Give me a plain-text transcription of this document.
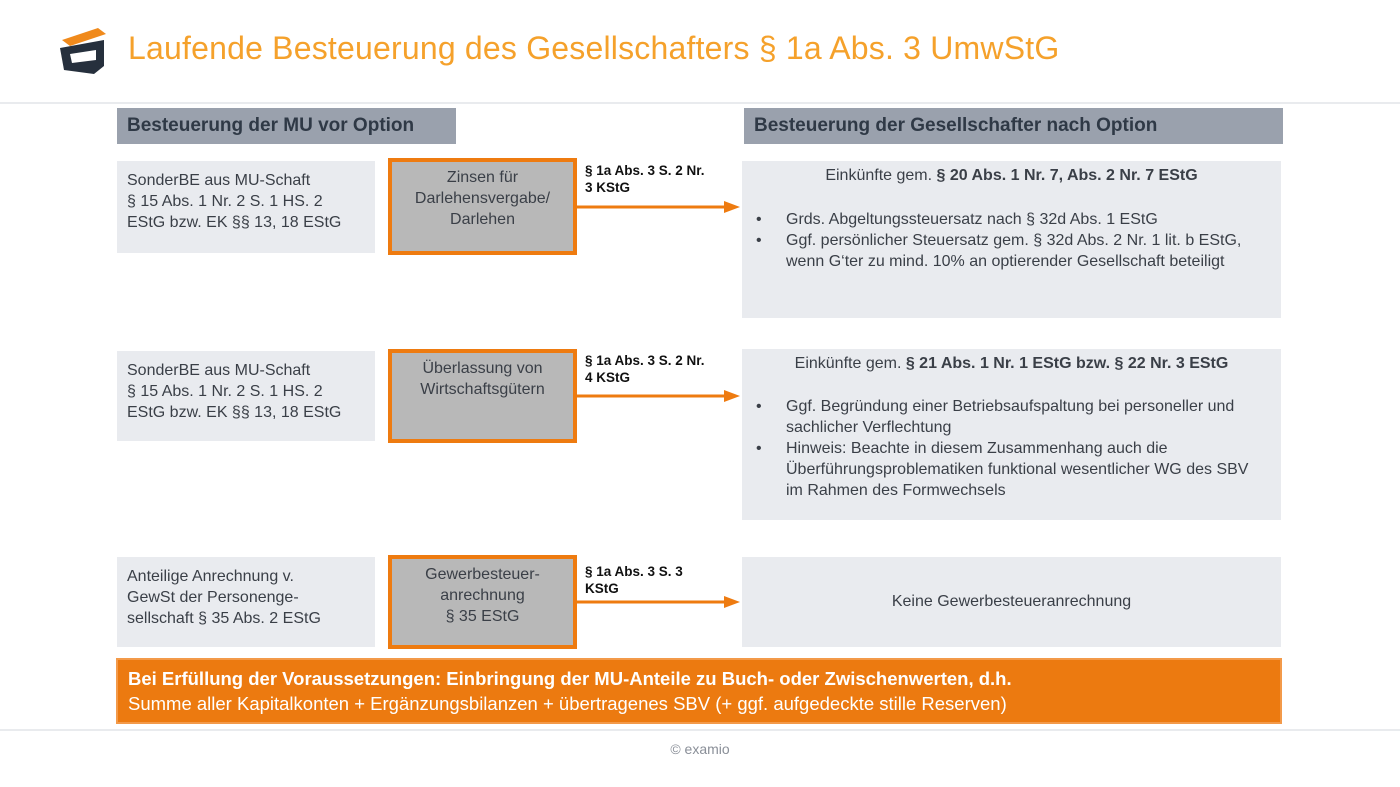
Laufende Besteuerung des Gesellschafters § 1a Abs. 3 UmwStG
Besteuerung der MU vor Option	Besteuerung der Gesellschafter nach Option
SonderBE aus MU-Schaft
§ 15 Abs. 1 Nr. 2 S. 1 HS. 2
EStG bzw. EK §§ 13, 18 EStG
Zinsen für
Darlehensvergabe/
Darlehen
§ 1a Abs. 3 S. 2 Nr.
3 KStG
Einkünfte gem. § 20 Abs. 1 Nr. 7, Abs. 2 Nr. 7 EStG
• Grds. Abgeltungssteuersatz nach § 32d Abs. 1 EStG
• Ggf. persönlicher Steuersatz gem. § 32d Abs. 2 Nr. 1 lit. b EStG, wenn G‘ter zu mind. 10% an optierender Gesellschaft beteiligt
SonderBE aus MU-Schaft
§ 15 Abs. 1 Nr. 2 S. 1 HS. 2
EStG bzw. EK §§ 13, 18 EStG
Überlassung von
Wirtschaftsgütern
§ 1a Abs. 3 S. 2 Nr.
4 KStG
Einkünfte gem. § 21 Abs. 1 Nr. 1 EStG bzw. § 22 Nr. 3 EStG
• Ggf. Begründung einer Betriebsaufspaltung bei personeller und sachlicher Verflechtung
• Hinweis: Beachte in diesem Zusammenhang auch die Überführungsproblematiken funktional wesentlicher WG des SBV im Rahmen des Formwechsels
Anteilige Anrechnung v.
GewSt der Personenge-
sellschaft § 35 Abs. 2 EStG
Gewerbesteuer-
anrechnung
§ 35 EStG
§ 1a Abs. 3 S. 3
KStG
Keine Gewerbesteueranrechnung
Bei Erfüllung der Voraussetzungen: Einbringung der MU-Anteile zu Buch- oder Zwischenwerten, d.h.
Summe aller Kapitalkonten + Ergänzungsbilanzen + übertragenes SBV (+ ggf. aufgedeckte stille Reserven)
© examio
